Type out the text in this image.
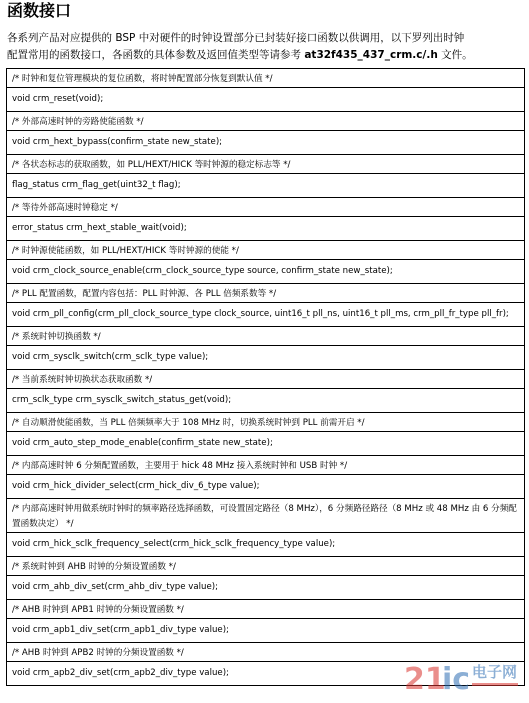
函数接口
各系列产品对应提供的 BSP 中对硬件的时钟设置部分已封装好接口函数以供调用，以下罗列出时钟
配置常用的函数接口，各函数的具体参数及返回值类型等请参考 at32f435_437_crm.c/.h 文件。
/* 时钟和复位管理模块的复位函数，将时钟配置部分恢复到默认值 */
void crm_reset(void);
/* 外部高速时钟的旁路使能函数 */
void crm_hext_bypass(confirm_state new_state);
/* 各状态标志的获取函数，如 PLL/HEXT/HICK 等时钟源的稳定标志等 */
flag_status crm_flag_get(uint32_t flag);
/* 等待外部高速时钟稳定 */
error_status crm_hext_stable_wait(void);
/* 时钟源使能函数，如 PLL/HEXT/HICK 等时钟源的使能 */
void crm_clock_source_enable(crm_clock_source_type source, confirm_state new_state);
/* PLL 配置函数，配置内容包括：PLL 时钟源、各 PLL 倍频系数等 */
void crm_pll_config(crm_pll_clock_source_type clock_source, uint16_t pll_ns, uint16_t pll_ms, crm_pll_fr_type pll_fr);
/* 系统时钟切换函数 */
void crm_sysclk_switch(crm_sclk_type value);
/* 当前系统时钟切换状态获取函数 */
crm_sclk_type crm_sysclk_switch_status_get(void);
/* 自动顺滑使能函数，当 PLL 倍频频率大于 108 MHz 时，切换系统时钟到 PLL 前需开启 */
void crm_auto_step_mode_enable(confirm_state new_state);
/* 内部高速时钟 6 分频配置函数，主要用于 hick 48 MHz 接入系统时钟和 USB 时钟 */
void crm_hick_divider_select(crm_hick_div_6_type value);
/* 内部高速时钟用做系统时钟时的频率路径选择函数，可设置固定路径（8 MHz），6 分频路径路径（8 MHz 或 48 MHz 由 6 分频配置函数决定） */
void crm_hick_sclk_frequency_select(crm_hick_sclk_frequency_type value);
/* 系统时钟到 AHB 时钟的分频设置函数 */
void crm_ahb_div_set(crm_ahb_div_type value);
/* AHB 时钟到 APB1 时钟的分频设置函数 */
void crm_apb1_div_set(crm_apb1_div_type value);
/* AHB 时钟到 APB2 时钟的分频设置函数 */
void crm_apb2_div_set(crm_apb2_div_type value);	21
ic 电子网
